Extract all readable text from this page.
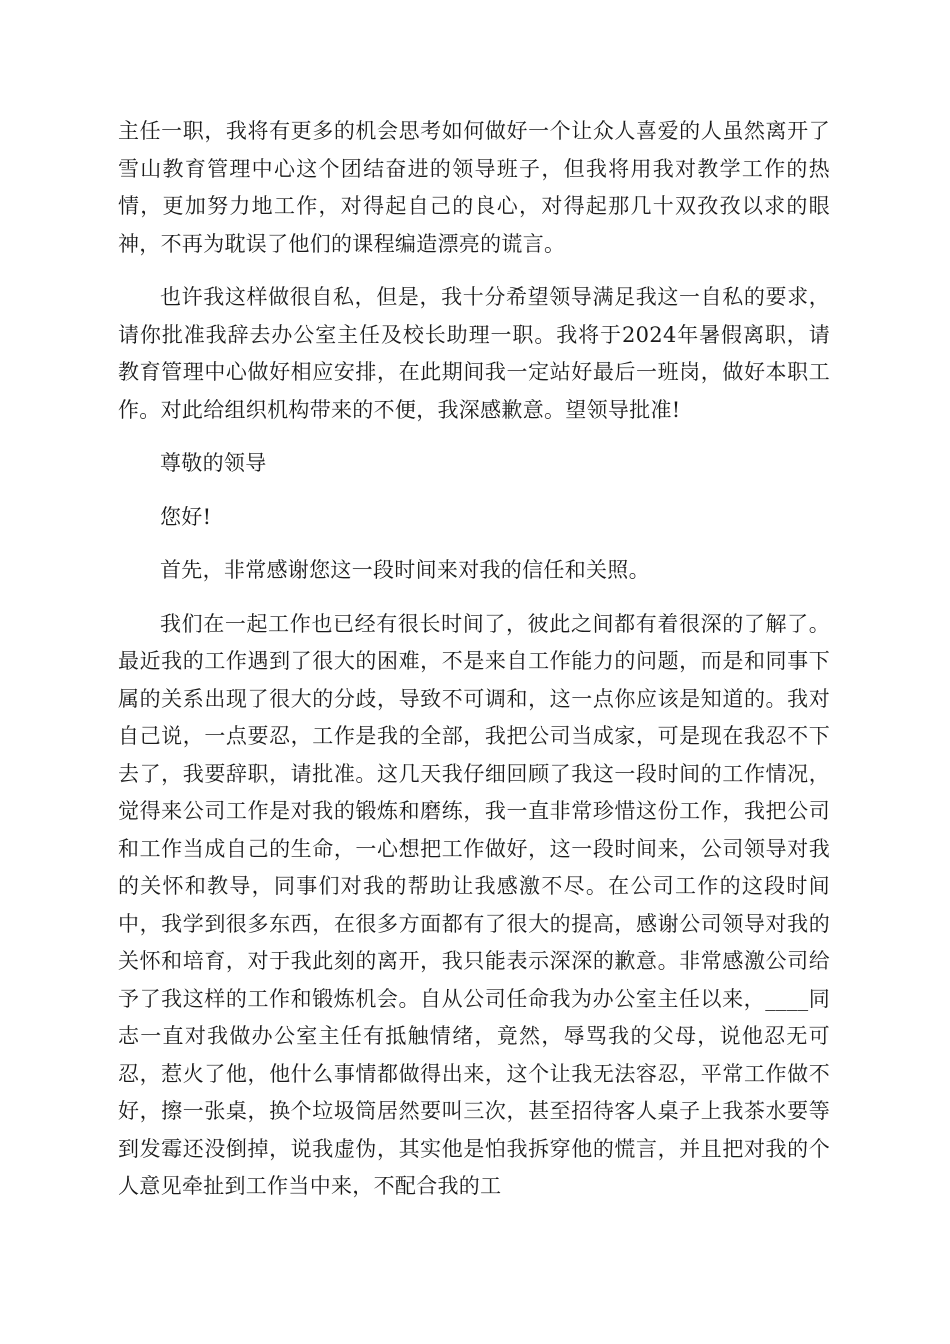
主任一职，我将有更多的机会思考如何做好一个让众人喜爱的人虽然离开了雪山教育管理中心这个团结奋进的领导班子，但我将用我对教学工作的热情，更加努力地工作，对得起自己的良心，对得起那几十双孜孜以求的眼神，不再为耽误了他们的课程编造漂亮的谎言。

也许我这样做很自私，但是，我十分希望领导满足我这一自私的要求，请你批准我辞去办公室主任及校长助理一职。我将于2024年暑假离职，请教育管理中心做好相应安排，在此期间我一定站好最后一班岗，做好本职工作。对此给组织机构带来的不便，我深感歉意。望领导批准!

尊敬的领导

您好!

首先，非常感谢您这一段时间来对我的信任和关照。

我们在一起工作也已经有很长时间了，彼此之间都有着很深的了解了。最近我的工作遇到了很大的困难，不是来自工作能力的问题，而是和同事下属的关系出现了很大的分歧，导致不可调和，这一点你应该是知道的。我对自己说，一点要忍，工作是我的全部，我把公司当成家，可是现在我忍不下去了，我要辞职，请批准。这几天我仔细回顾了我这一段时间的工作情况，觉得来公司工作是对我的锻炼和磨练，我一直非常珍惜这份工作，我把公司和工作当成自己的生命，一心想把工作做好，这一段时间来，公司领导对我的关怀和教导，同事们对我的帮助让我感激不尽。在公司工作的这段时间中，我学到很多东西，在很多方面都有了很大的提高，感谢公司领导对我的关怀和培育，对于我此刻的离开，我只能表示深深的歉意。非常感激公司给予了我这样的工作和锻炼机会。自从公司任命我为办公室主任以来，____同志一直对我做办公室主任有抵触情绪，竟然，辱骂我的父母，说他忍无可忍，惹火了他，他什么事情都做得出来，这个让我无法容忍，平常工作做不好，擦一张桌，换个垃圾筒居然要叫三次，甚至招待客人桌子上我茶水要等到发霉还没倒掉，说我虚伪，其实他是怕我拆穿他的慌言，并且把对我的个人意见牵扯到工作当中来，不配合我的工
